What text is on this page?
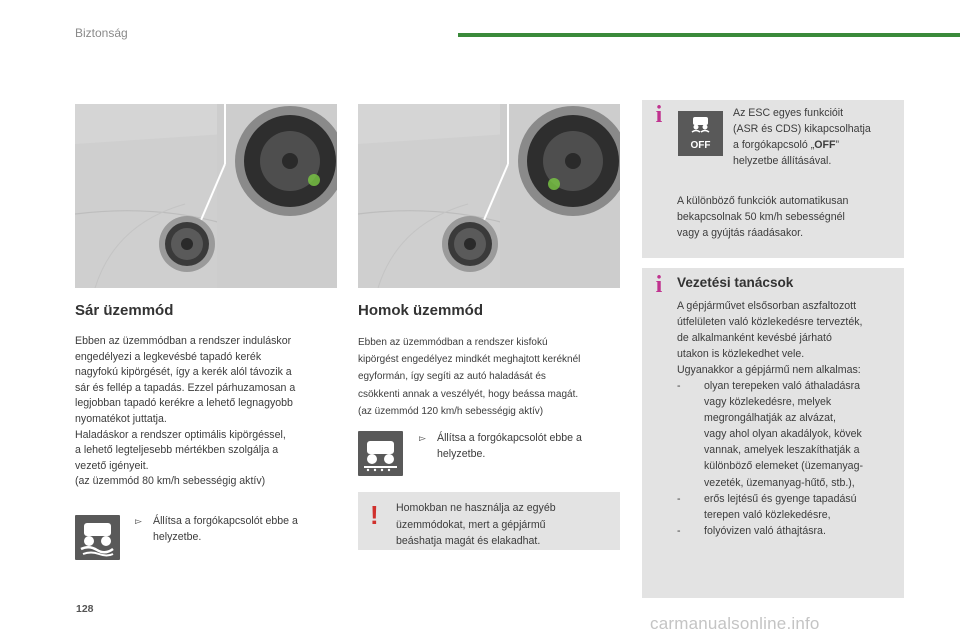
Biztonság
Sár üzemmód
Ebben az üzemmódban a rendszer induláskor
engedélyezi a legkevésbé tapadó kerék
nagyfokú kipörgését, így a kerék alól távozik a
sár és fellép a tapadás. Ezzel párhuzamosan a
legjobban tapadó kerékre a lehető legnagyobb
nyomatékot juttatja.
Haladáskor a rendszer optimális kipörgéssel,
a lehető legteljesebb mértékben szolgálja a
vezető igényeit.
(az üzemmód 80 km/h sebességig aktív)
▻ Állítsa a forgókapcsolót ebbe a
helyzetbe.
Homok üzemmód
Ebben az üzemmódban a rendszer kisfokú
kipörgést engedélyez mindkét meghajtott keréknél
egyformán, így segíti az autó haladását és
csökkenti annak a veszélyét, hogy beássa magát.
(az üzemmód 120 km/h sebességig aktív)
▻ Állítsa a forgókapcsolót ebbe a
helyzetbe.
! Homokban ne használja az egyéb
üzemmódokat, mert a gépjármű
beáshatja magát és elakadhat.
i
OFF
Az ESC egyes funkcióit
(ASR és CDS) kikapcsolhatja
a forgókapcsoló „OFF”
helyzetbe állításával.
A különböző funkciók automatikusan
bekapcsolnak 50 km/h sebességnél
vagy a gyújtás ráadásakor.
i Vezetési tanácsok
A gépjárművet elsősorban aszfaltozott
útfelületen való közlekedésre tervezték,
de alkalmanként kevésbé járható
utakon is közlekedhet vele.
Ugyanakkor a gépjármű nem alkalmas:
- olyan terepeken való áthaladásra
vagy közlekedésre, melyek
megrongálhatják az alvázat,
vagy ahol olyan akadályok, kövek
vannak, amelyek leszakíthatják a
különböző elemeket (üzemanyag-
vezeték, üzemanyag-hűtő, stb.),
- erős lejtésű és gyenge tapadású
terepen való közlekedésre,
- folyóvizen való áthajtásra.
128
carmanualsonline.info
